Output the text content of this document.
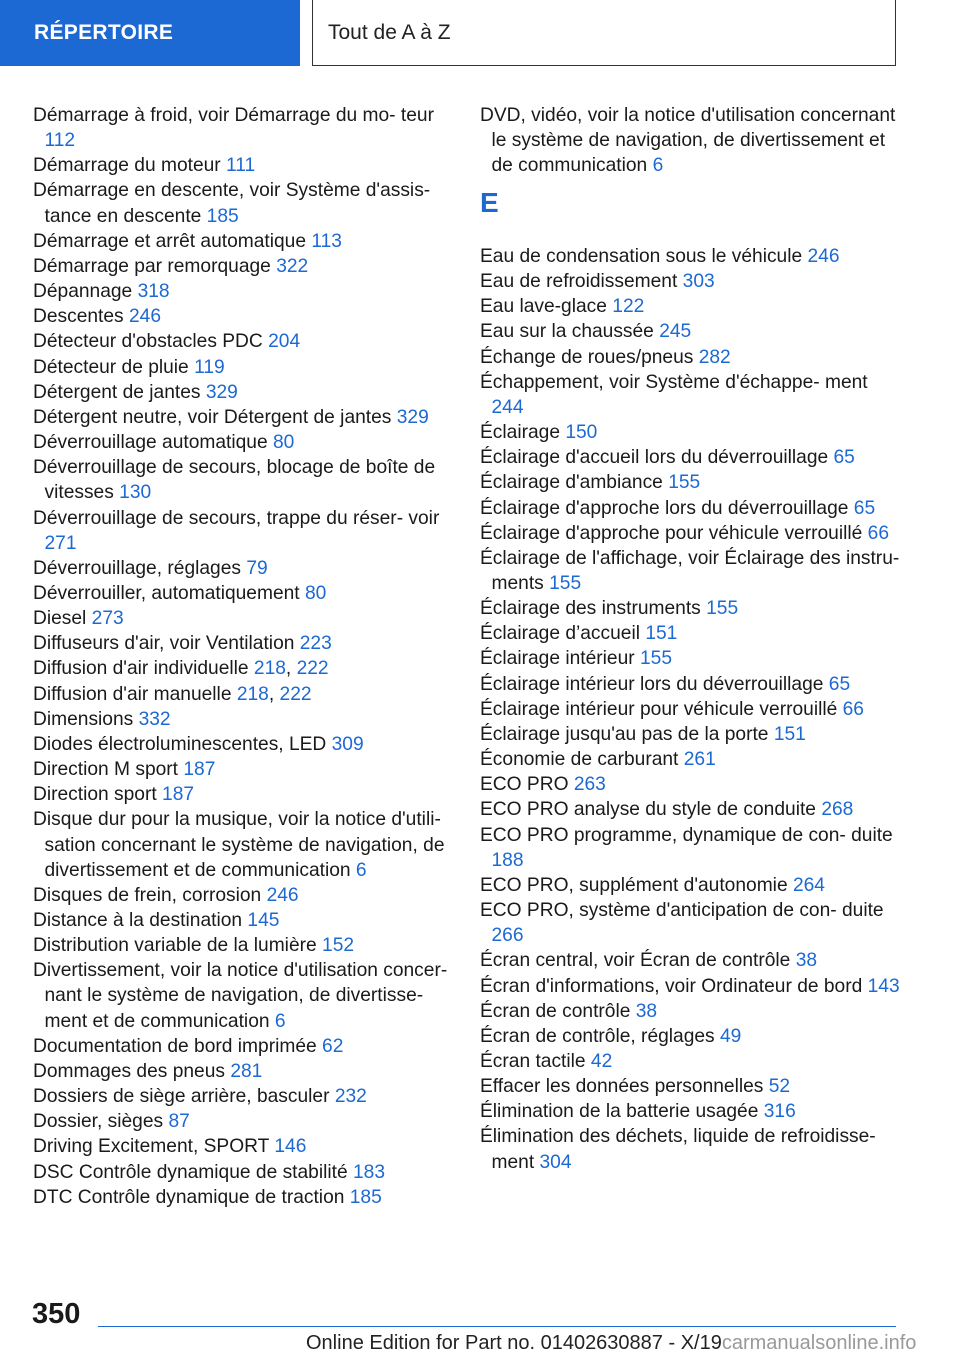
RÉPERTOIRE	Tout de A à Z

Démarrage à froid, voir Démarrage du mo‐ teur 112

Démarrage du moteur 111

Démarrage en descente, voir Système d'assis‐ tance en descente 185

Démarrage et arrêt automatique 113

Démarrage par remorquage 322

Dépannage 318

Descentes 246

Détecteur d'obstacles PDC 204

Détecteur de pluie 119

Détergent de jantes 329

Détergent neutre, voir Détergent de jantes 329

Déverrouillage automatique 80

Déverrouillage de secours, blocage de boîte de vitesses 130

Déverrouillage de secours, trappe du réser‐ voir 271

Déverrouillage, réglages 79

Déverrouiller, automatiquement 80

Diesel 273

Diffuseurs d'air, voir Ventilation 223

Diffusion d'air individuelle 218, 222

Diffusion d'air manuelle 218, 222

Dimensions 332

Diodes électroluminescentes, LED 309

Direction M sport 187

Direction sport 187

Disque dur pour la musique, voir la notice d'utili‐ sation concernant le système de navigation, de divertissement et de communication 6

Disques de frein, corrosion 246

Distance à la destination 145

Distribution variable de la lumière 152

Divertissement, voir la notice d'utilisation concer‐ nant le système de navigation, de divertisse‐ ment et de communication 6

Documentation de bord imprimée 62

Dommages des pneus 281

Dossiers de siège arrière, basculer 232

Dossier, sièges 87

Driving Excitement, SPORT 146

DSC Contrôle dynamique de stabilité 183

DTC Contrôle dynamique de traction 185

DVD, vidéo, voir la notice d'utilisation concernant le système de navigation, de divertissement et de communication 6

E

Eau de condensation sous le véhicule 246

Eau de refroidissement 303

Eau lave-glace 122

Eau sur la chaussée 245

Échange de roues/pneus 282

Échappement, voir Système d'échappe‐ ment 244

Éclairage 150

Éclairage d'accueil lors du déverrouillage 65

Éclairage d'ambiance 155

Éclairage d'approche lors du déverrouillage 65

Éclairage d'approche pour véhicule verrouillé 66

Éclairage de l'affichage, voir Éclairage des instru‐ ments 155

Éclairage des instruments 155

Éclairage d’accueil 151

Éclairage intérieur 155

Éclairage intérieur lors du déverrouillage 65

Éclairage intérieur pour véhicule verrouillé 66

Éclairage jusqu'au pas de la porte 151

Économie de carburant 261

ECO PRO 263

ECO PRO analyse du style de conduite 268

ECO PRO programme, dynamique de con‐ duite 188

ECO PRO, supplément d'autonomie 264

ECO PRO, système d'anticipation de con‐ duite 266

Écran central, voir Écran de contrôle 38

Écran d'informations, voir Ordinateur de bord 143

Écran de contrôle 38

Écran de contrôle, réglages 49

Écran tactile 42

Effacer les données personnelles 52

Élimination de la batterie usagée 316

Élimination des déchets, liquide de refroidisse‐ ment 304

350
Online Edition for Part no. 01402630887 - X/19carmanualsonline.info
